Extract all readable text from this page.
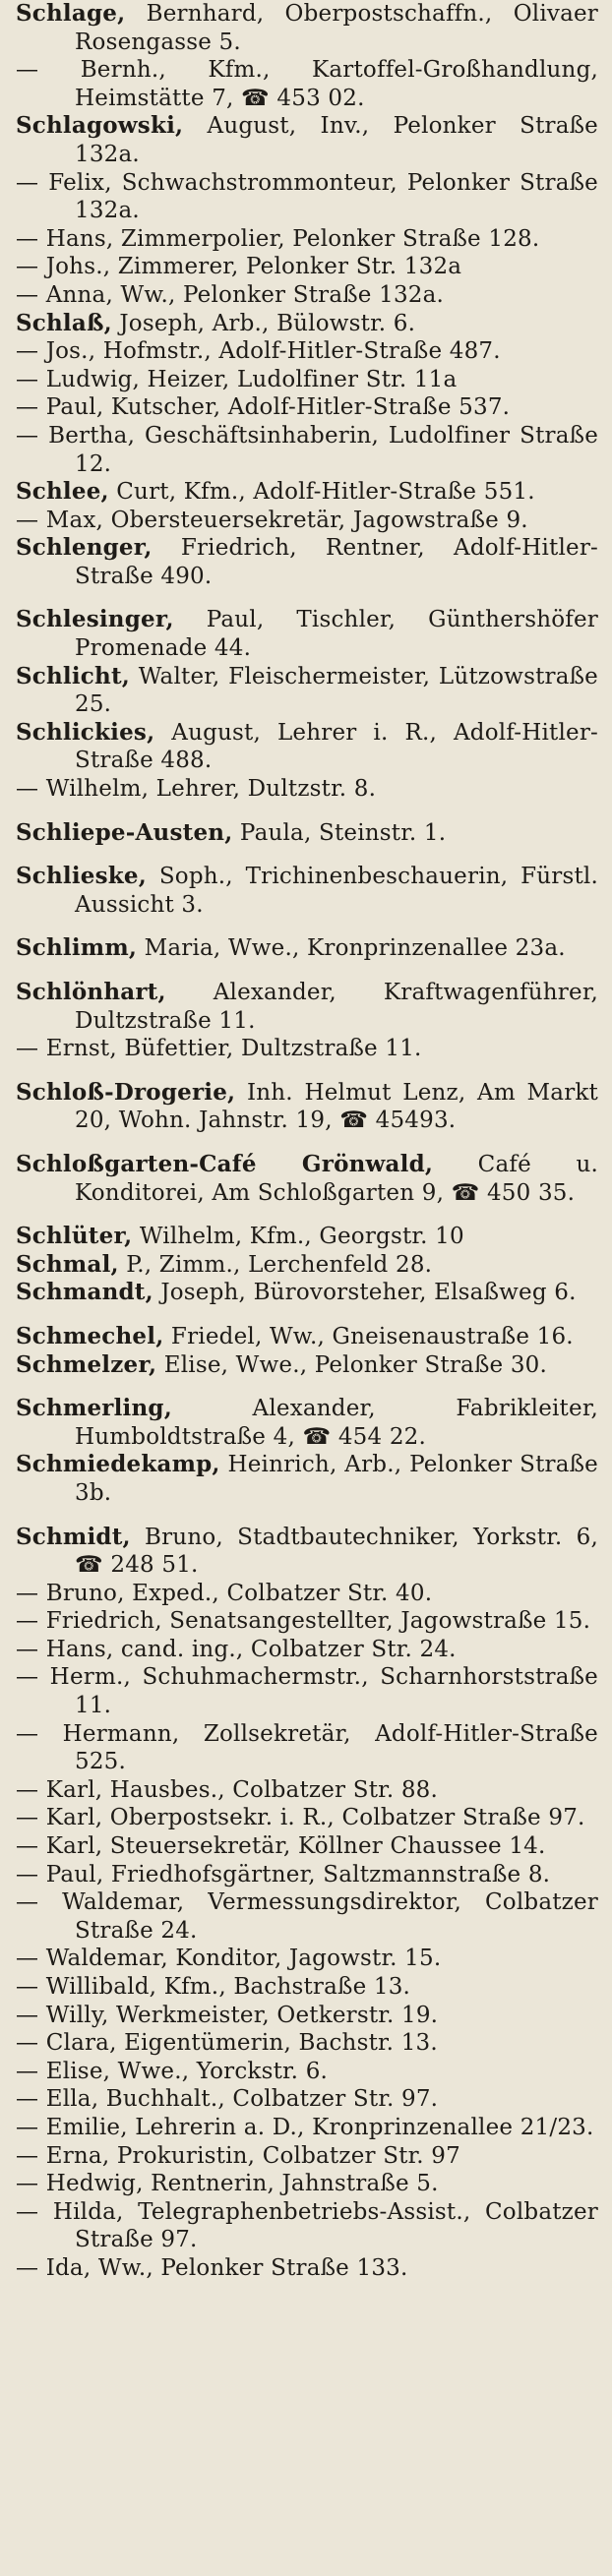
Schlage, Bernhard, Oberpostschaffn., Olivaer Rosengasse 5.
— Bernh., Kfm., Kartoffel-Großhandlung, Heimstätte 7, ☎ 453 02.
Schlagowski, August, Inv., Pelonker Straße 132a.
— Felix, Schwachstrommonteur, Pelonker Straße 132a.
— Hans, Zimmerpolier, Pelonker Straße 128.
— Johs., Zimmerer, Pelonker Str. 132a
— Anna, Ww., Pelonker Straße 132a.
Schlaß, Joseph, Arb., Bülowstr. 6.
— Jos., Hofmstr., Adolf-Hitler-Straße 487.
— Ludwig, Heizer, Ludolfiner Str. 11a
— Paul, Kutscher, Adolf-Hitler-Straße 537.
— Bertha, Geschäftsinhaberin, Ludolfiner Straße 12.
Schlee, Curt, Kfm., Adolf-Hitler-Straße 551.
— Max, Obersteuersekretär, Jagowstraße 9.
Schlenger, Friedrich, Rentner, Adolf-Hitler-Straße 490.
Schlesinger, Paul, Tischler, Günthershöfer Promenade 44.
Schlicht, Walter, Fleischermeister, Lützowstraße 25.
Schlickies, August, Lehrer i. R., Adolf-Hitler-Straße 488.
— Wilhelm, Lehrer, Dultzstr. 8.
Schliepe-Austen, Paula, Steinstr. 1.
Schlieske, Soph., Trichinenbeschauerin, Fürstl. Aussicht 3.
Schlimm, Maria, Wwe., Kronprinzenallee 23a.
Schlönhart, Alexander, Kraftwagenführer, Dultzstraße 11.
— Ernst, Büfettier, Dultzstraße 11.
Schloß-Drogerie, Inh. Helmut Lenz, Am Markt 20, Wohn. Jahnstr. 19, ☎ 45493.
Schloßgarten-Café Grönwald, Café u. Konditorei, Am Schloßgarten 9, ☎ 450 35.
Schlüter, Wilhelm, Kfm., Georgstr. 10
Schmal, P., Zimm., Lerchenfeld 28.
Schmandt, Joseph, Bürovorsteher, Elsaßweg 6.
Schmechel, Friedel, Ww., Gneisenaustraße 16.
Schmelzer, Elise, Wwe., Pelonker Straße 30.
Schmerling, Alexander, Fabrikleiter, Humboldtstraße 4, ☎ 454 22.
Schmiedekamp, Heinrich, Arb., Pelonker Straße 3b.
Schmidt, Bruno, Stadtbautechniker, Yorkstr. 6, ☎ 248 51.
— Bruno, Exped., Colbatzer Str. 40.
— Friedrich, Senatsangestellter, Jagowstraße 15.
— Hans, cand. ing., Colbatzer Str. 24.
— Herm., Schuhmachermstr., Scharnhorststraße 11.
— Hermann, Zollsekretär, Adolf-Hitler-Straße 525.
— Karl, Hausbes., Colbatzer Str. 88.
— Karl, Oberpostsekr. i. R., Colbatzer Straße 97.
— Karl, Steuersekretär, Köllner Chaussee 14.
— Paul, Friedhofsgärtner, Saltzmannstraße 8.
— Waldemar, Vermessungsdirektor, Colbatzer Straße 24.
— Waldemar, Konditor, Jagowstr. 15.
— Willibald, Kfm., Bachstraße 13.
— Willy, Werkmeister, Oetkerstr. 19.
— Clara, Eigentümerin, Bachstr. 13.
— Elise, Wwe., Yorckstr. 6.
— Ella, Buchhalt., Colbatzer Str. 97.
— Emilie, Lehrerin a. D., Kronprinzenallee 21/23.
— Erna, Prokuristin, Colbatzer Str. 97
— Hedwig, Rentnerin, Jahnstraße 5.
— Hilda, Telegraphenbetriebs-Assist., Colbatzer Straße 97.
— Ida, Ww., Pelonker Straße 133.
